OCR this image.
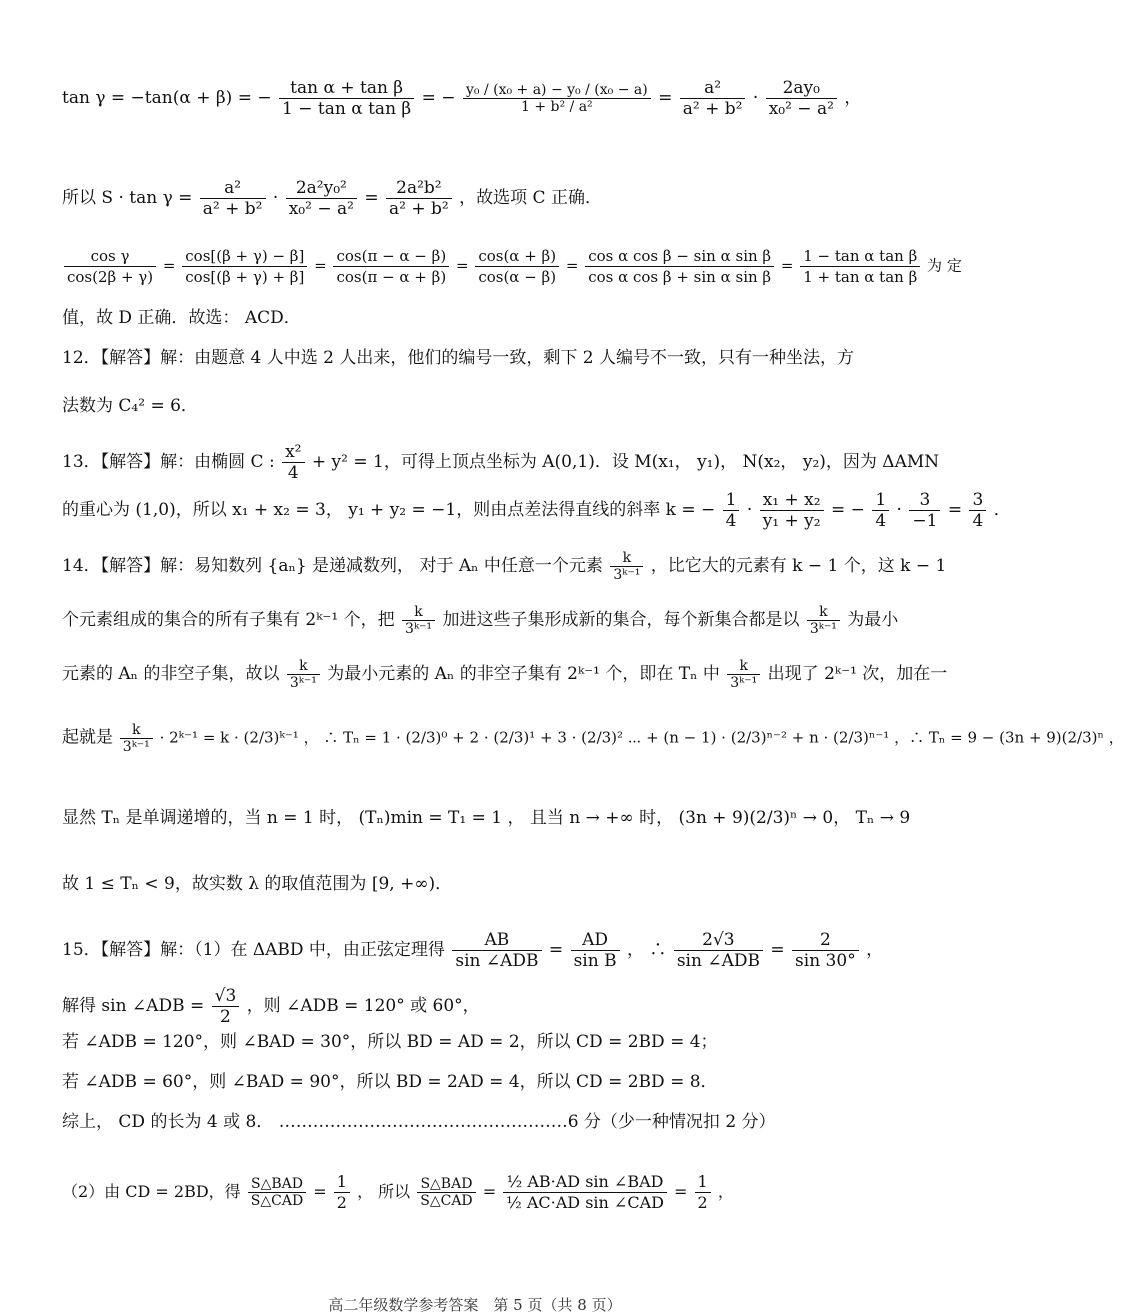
tan γ = −tan(α + β) = − $\frac{\text{tan α + tan β}}{\text{1 − tan α tan β}}$ = − $\frac{\text{y₀ / (x₀ + a) − y₀ / (x₀ − a)}}{\text{1 + b² / a²}} = \frac{\text{a²}}{\text{a² + b²}} \cdot \frac{\text{2ay₀}}{\text{x₀² − a²}}$ ，
所以 $S \cdot \tan \gamma = \frac{\text{a²}}{\text{a² + b²}} \cdot \frac{\text{2a²y₀²}}{\text{x₀² − a²}} = \frac{\text{2a²b²}}{\text{a² + b²}}$ ，故选项 C 正确．
$\frac{\text{cos γ}}{\cos(2\beta + \gamma)} = \frac{\cos[(\beta + \gamma) - \beta]}{\cos[(\beta + \gamma) + \beta]} = \frac{\cos(\pi - \alpha - \beta)}{\cos(\pi - \alpha + \beta)} = \frac{\cos(\alpha + \beta)}{\cos(\alpha - \beta)} = \frac{\text{cos α cos β − sin α sin β}}{\text{cos α cos β + sin α sin β}} = \frac{\text{1 − tan α tan β}}{\text{1 + tan α tan β}}$ 为 定
值，故 D 正确．故选： ACD．
12．【解答】解：由题意 4 人中选 2 人出来，他们的编号一致，剩下 2 人编号不一致，只有一种坐法，方
法数为 C₄² = 6．
13．【解答】解：由椭圆 C : $\frac{\text{x²}}{4} + y^2 = 1$，可得上顶点坐标为 A(0,1)．设 M(x₁， y₁)， N(x₂， y₂)，因为 ΔAMN
的重心为 (1,0)，所以 x₁ + x₂ = 3， y₁ + y₂ = −1，则由点差法得直线的斜率 k = − $\frac{1}{4} \cdot \frac{\text{x₁ + x₂}}{\text{y₁ + y₂}}$ = − $\frac{1}{4} \cdot \frac{3}{-1} = \frac{3}{4}$ ．
14．【解答】解：易知数列 {aₙ} 是递减数列， 对于 Aₙ 中任意一个元素 $\frac{k}{\text{3ᵏ⁻¹}}$ ，比它大的元素有 k − 1 个，这 k − 1
个元素组成的集合的所有子集有 2ᵏ⁻¹ 个，把 $\frac{k}{\text{3ᵏ⁻¹}}$ 加进这些子集形成新的集合，每个新集合都是以 $\frac{k}{\text{3ᵏ⁻¹}}$ 为最小
元素的 Aₙ 的非空子集，故以 $\frac{k}{\text{3ᵏ⁻¹}}$ 为最小元素的 Aₙ 的非空子集有 2ᵏ⁻¹ 个，即在 Tₙ 中 $\frac{k}{\text{3ᵏ⁻¹}}$ 出现了 2ᵏ⁻¹ 次，加在一
起就是 $\frac{k}{\text{3ᵏ⁻¹}}$ · 2ᵏ⁻¹ = k · (2/3)ᵏ⁻¹ ， ∴ Tₙ = 1 · (2/3)⁰ + 2 · (2/3)¹ + 3 · (2/3)² ⋯ + (n − 1) · (2/3)ⁿ⁻² + n · (2/3)ⁿ⁻¹ ，∴ Tₙ = 9 − (3n + 9)(2/3)ⁿ ，
显然 Tₙ 是单调递增的，当 n = 1 时， (Tₙ)min = T₁ = 1 ， 且当 n → +∞ 时， (3n + 9)(2/3)ⁿ → 0， Tₙ → 9
故 1 ≤ Tₙ < 9，故实数 λ 的取值范围为 [9, +∞)．
15．【解答】解：（1）在 ΔABD 中，由正弦定理得	AB
sin ∠ADB
= $\frac{AD}{\text{sin B}}$ ， ∴	2√3
sin ∠ADB
= $\frac{2}{\sin 30^\circ}$ ，
解得 sin ∠ADB = $\frac{√3}{2}$ ，则 ∠ADB = 120° 或 60°，
若 ∠ADB = 120°，则 ∠BAD = 30°，所以 BD = AD = 2，所以 CD = 2BD = 4；
若 ∠ADB = 60°，则 ∠BAD = 90°，所以 BD = 2AD = 4，所以 CD = 2BD = 8．
综上， CD 的长为 4 或 8． ……………………………………………6 分（少一种情况扣 2 分）
（2）由 CD = 2BD，得 S△BAD
S△CAD = $\frac{1}{2}$ ， 所以 S△BAD
S△CAD =
½ AB·AD sin ∠BAD
½ AC·AD sin ∠CAD
= $\frac{1}{2}$ ，
高二年级数学参考答案　第 5 页（共 8 页）
